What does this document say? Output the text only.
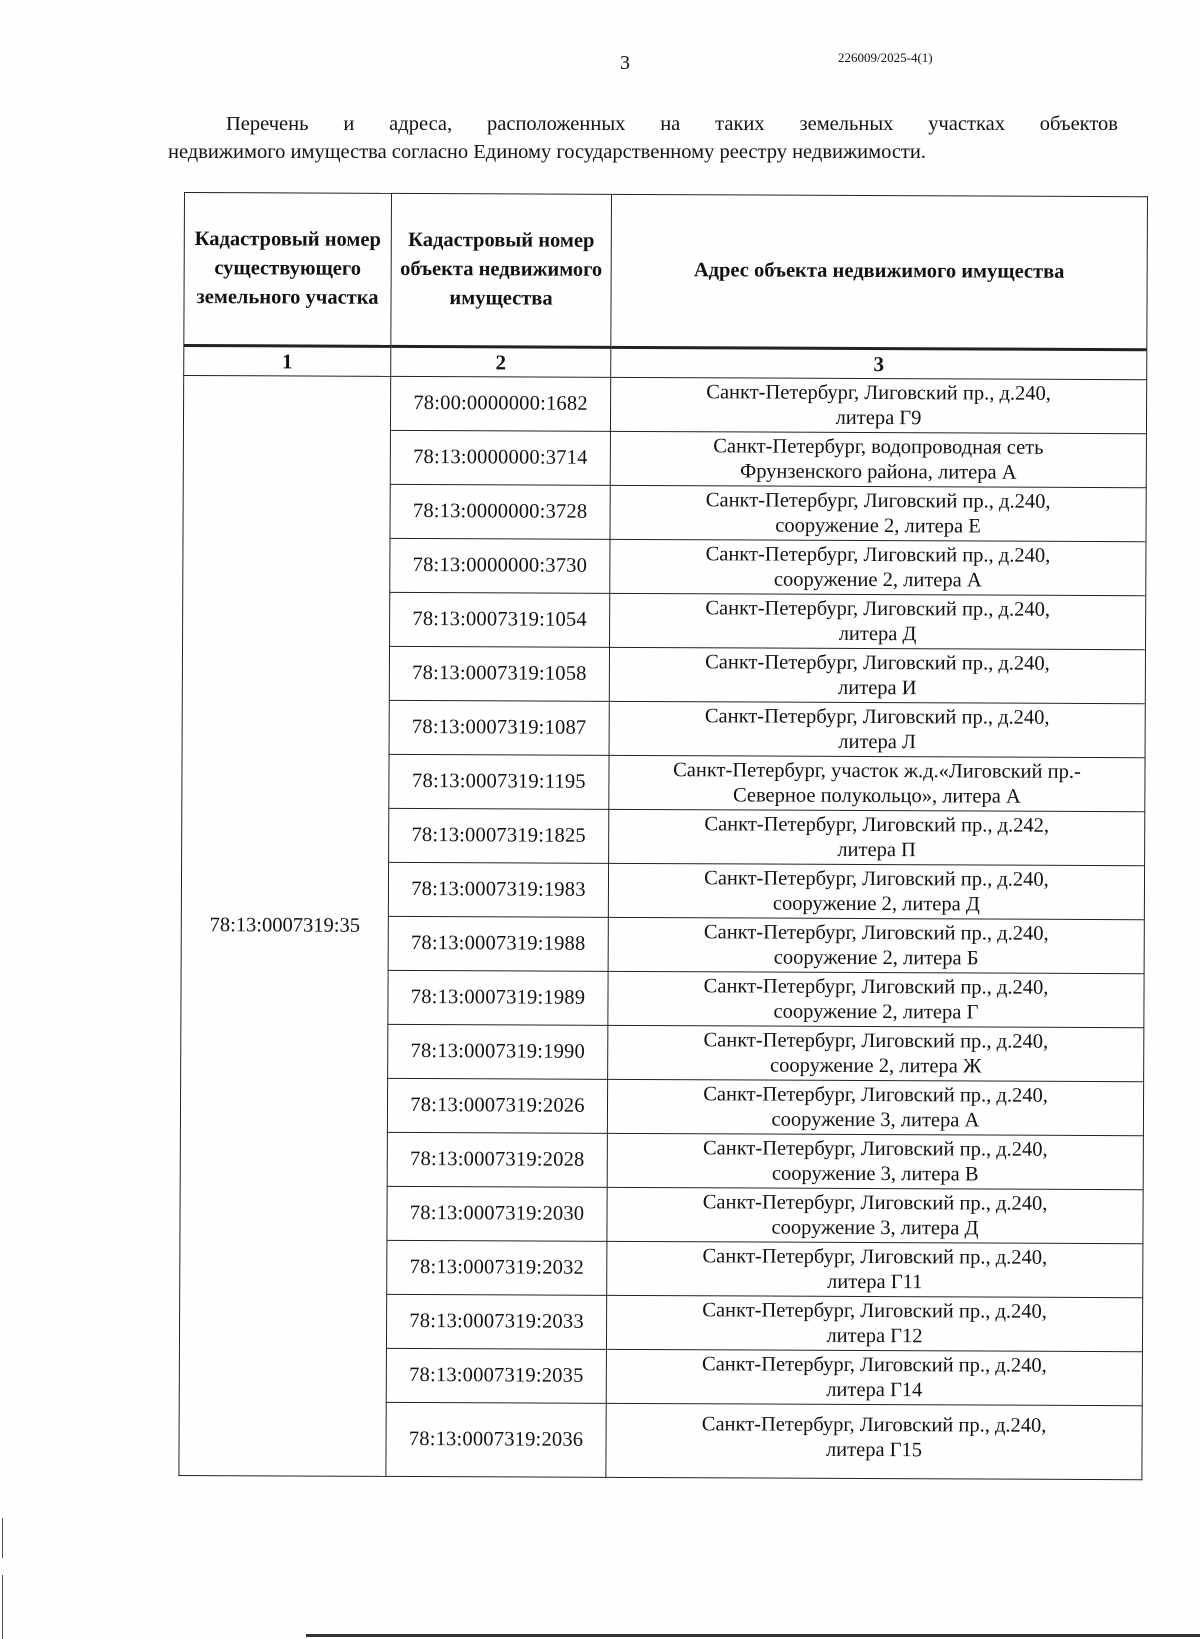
3	226009/2025-4(1)
Перечень и адреса, расположенных на таких земельных участках объектов
недвижимого имущества согласно Единому государственному реестру недвижимости.
Кадастровый номер существующего земельного участка	Кадастровый номер объекта недвижимого имущества	Адрес объекта недвижимого имущества
1	2	3
78:13:0007319:35	78:00:0000000:1682	Санкт-Петербург, Лиговский пр., д.240,
литера Г9

	78:13:0000000:3714	Санкт-Петербург, водопроводная сеть
Фрунзенского района, литера А

	78:13:0000000:3728	Санкт-Петербург, Лиговский пр., д.240,
сооружение 2, литера Е

	78:13:0000000:3730	Санкт-Петербург, Лиговский пр., д.240,
сооружение 2, литера А

	78:13:0007319:1054	Санкт-Петербург, Лиговский пр., д.240,
литера Д

	78:13:0007319:1058	Санкт-Петербург, Лиговский пр., д.240,
литера И

	78:13:0007319:1087	Санкт-Петербург, Лиговский пр., д.240,
литера Л

	78:13:0007319:1195	Санкт-Петербург, участок ж.д.«Лиговский пр.-
Северное полукольцо», литера А

	78:13:0007319:1825	Санкт-Петербург, Лиговский пр., д.242,
литера П

	78:13:0007319:1983	Санкт-Петербург, Лиговский пр., д.240,
сооружение 2, литера Д

	78:13:0007319:1988	Санкт-Петербург, Лиговский пр., д.240,
сооружение 2, литера Б

	78:13:0007319:1989	Санкт-Петербург, Лиговский пр., д.240,
сооружение 2, литера Г

	78:13:0007319:1990	Санкт-Петербург, Лиговский пр., д.240,
сооружение 2, литера Ж

	78:13:0007319:2026	Санкт-Петербург, Лиговский пр., д.240,
сооружение 3, литера А

	78:13:0007319:2028	Санкт-Петербург, Лиговский пр., д.240,
сооружение 3, литера В

	78:13:0007319:2030	Санкт-Петербург, Лиговский пр., д.240,
сооружение 3, литера Д

	78:13:0007319:2032	Санкт-Петербург, Лиговский пр., д.240,
литера Г11

	78:13:0007319:2033	Санкт-Петербург, Лиговский пр., д.240,
литера Г12

	78:13:0007319:2035	Санкт-Петербург, Лиговский пр., д.240,
литера Г14

	78:13:0007319:2036	Санкт-Петербург, Лиговский пр., д.240,
литера Г15
